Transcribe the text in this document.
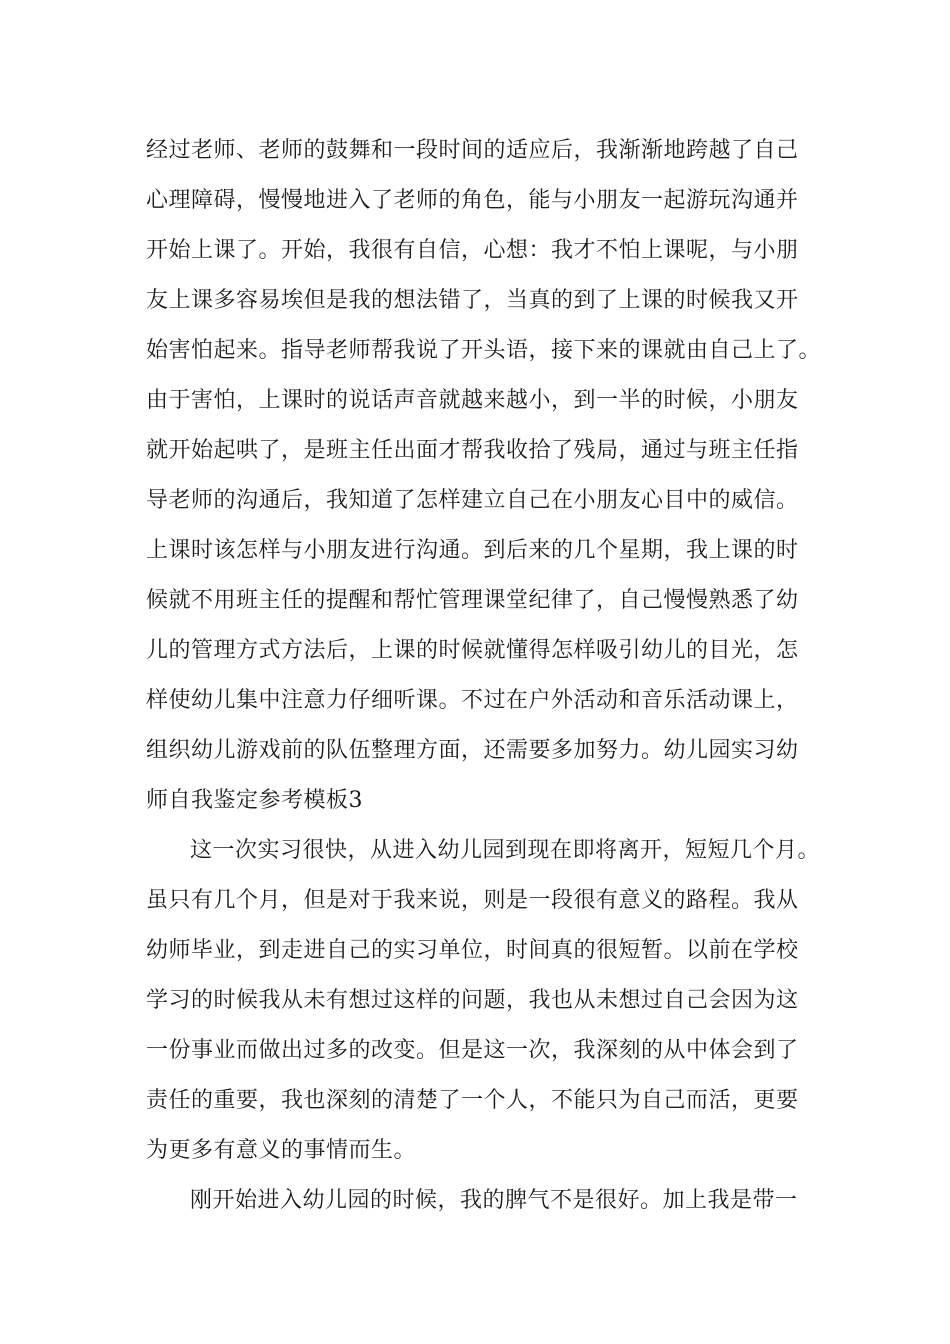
经过老师、老师的鼓舞和一段时间的适应后，我渐渐地跨越了自己
心理障碍，慢慢地进入了老师的角色，能与小朋友一起游玩沟通并
开始上课了。开始，我很有自信，心想：我才不怕上课呢，与小朋
友上课多容易埃但是我的想法错了，当真的到了上课的时候我又开
始害怕起来。指导老师帮我说了开头语，接下来的课就由自己上了。
由于害怕，上课时的说话声音就越来越小，到一半的时候，小朋友
就开始起哄了，是班主任出面才帮我收拾了残局，通过与班主任指
导老师的沟通后，我知道了怎样建立自己在小朋友心目中的威信。
上课时该怎样与小朋友进行沟通。到后来的几个星期，我上课的时
候就不用班主任的提醒和帮忙管理课堂纪律了，自己慢慢熟悉了幼
儿的管理方式方法后，上课的时候就懂得怎样吸引幼儿的目光，怎
样使幼儿集中注意力仔细听课。不过在户外活动和音乐活动课上，
组织幼儿游戏前的队伍整理方面，还需要多加努力。幼儿园实习幼
师自我鉴定参考模板3
这一次实习很快，从进入幼儿园到现在即将离开，短短几个月。
虽只有几个月，但是对于我来说，则是一段很有意义的路程。我从
幼师毕业，到走进自己的实习单位，时间真的很短暂。以前在学校
学习的时候我从未有想过这样的问题，我也从未想过自己会因为这
一份事业而做出过多的改变。但是这一次，我深刻的从中体会到了
责任的重要，我也深刻的清楚了一个人，不能只为自己而活，更要
为更多有意义的事情而生。
刚开始进入幼儿园的时候，我的脾气不是很好。加上我是带一
